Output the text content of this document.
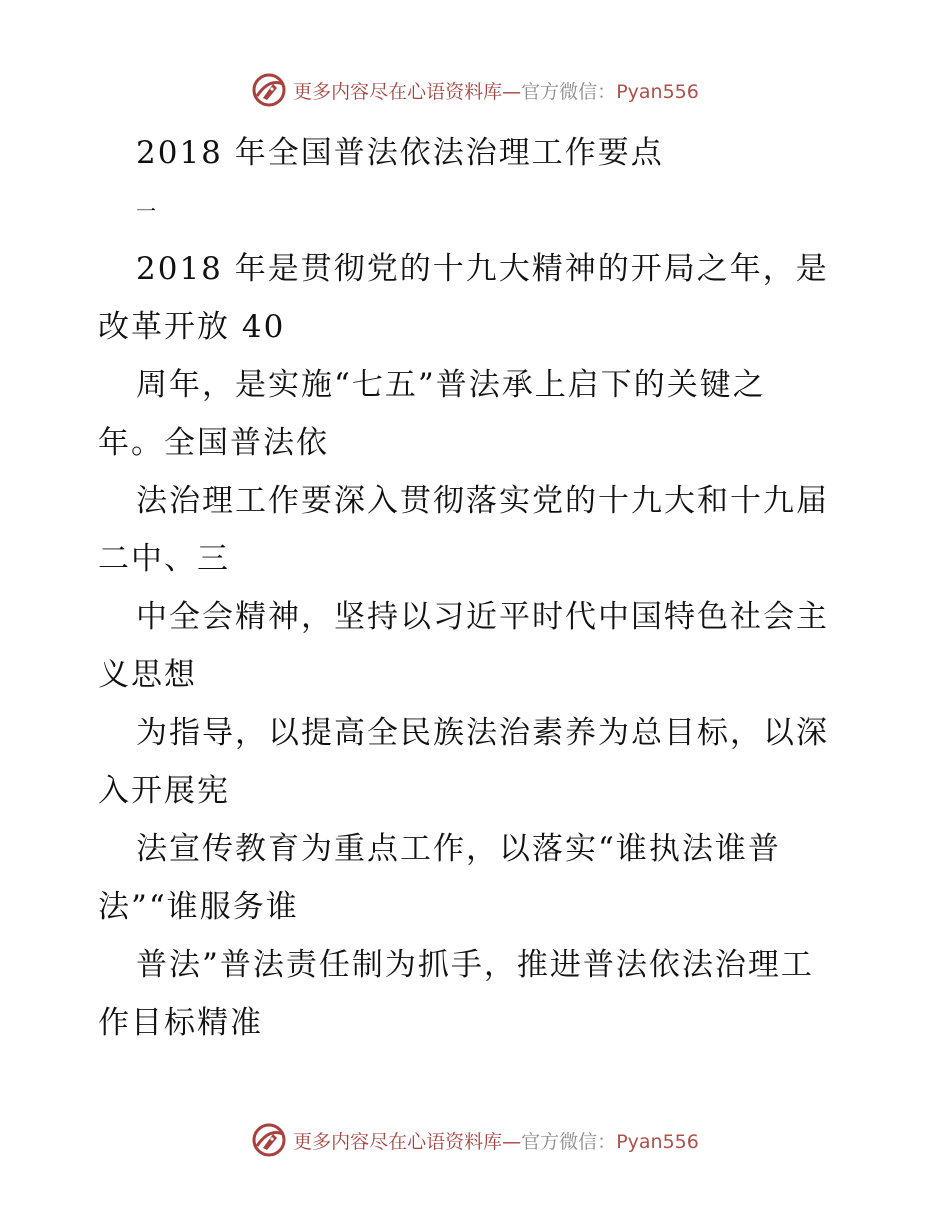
更多内容尽在心语资料库—官方微信：Pyan556
2018 年全国普法依法治理工作要点
一
2018 年是贯彻党的十九大精神的开局之年，是
改革开放 40
周年，是实施“七五”普法承上启下的关键之
年。全国普法依
法治理工作要深入贯彻落实党的十九大和十九届
二中、三
中全会精神，坚持以习近平时代中国特色社会主
义思想
为指导，以提高全民族法治素养为总目标，以深
入开展宪
法宣传教育为重点工作，以落实“谁执法谁普
法”“谁服务谁
普法”普法责任制为抓手，推进普法依法治理工
作目标精准
更多内容尽在心语资料库—官方微信：Pyan556
